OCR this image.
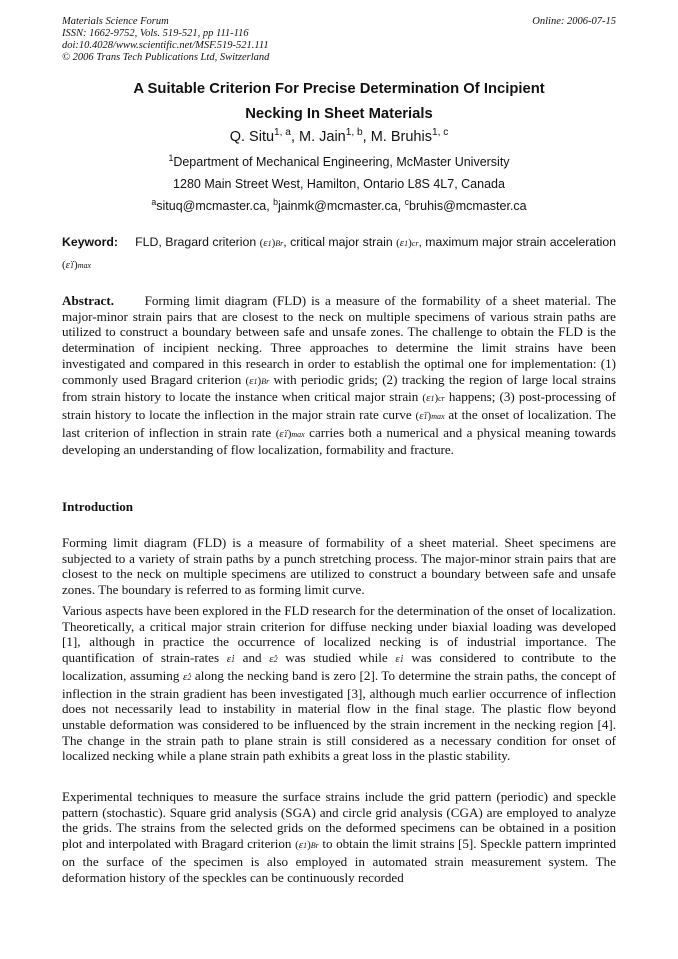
Materials Science Forum
ISSN: 1662-9752, Vols. 519-521, pp 111-116
doi:10.4028/www.scientific.net/MSF.519-521.111
© 2006 Trans Tech Publications Ltd, Switzerland
Online: 2006-07-15
A Suitable Criterion For Precise Determination Of Incipient
Necking In Sheet Materials
Q. Situ$^{1, a}$, M. Jain$^{1, b}$, M. Bruhis$^{1, c}$
$^1$Department of Mechanical Engineering, McMaster University
1280 Main Street West, Hamilton, Ontario L8S 4L7, Canada
$^a$situq@mcmaster.ca, $^b$jainmk@mcmaster.ca, $^c$bruhis@mcmaster.ca
Keyword: FLD, Bragard criterion (ε1)Br, critical major strain (ε1)cr, maximum major strain acceleration (ε̈1)max
Abstract. Forming limit diagram (FLD) is a measure of the formability of a sheet material. The major-minor strain pairs that are closest to the neck on multiple specimens of various strain paths are utilized to construct a boundary between safe and unsafe zones. The challenge to obtain the FLD is the determination of incipient necking. Three approaches to determine the limit strains have been investigated and compared in this research in order to establish the optimal one for implementation: (1) commonly used Bragard criterion (ε1)Br with periodic grids; (2) tracking the region of large local strains from strain history to locate the instance when critical major strain (ε1)cr happens; (3) post-processing of strain history to locate the inflection in the major strain rate curve (ε̈1)max at the onset of localization. The last criterion of inflection in strain rate (ε̈1)max carries both a numerical and a physical meaning towards developing an understanding of flow localization, formability and fracture.
Introduction
Forming limit diagram (FLD) is a measure of formability of a sheet material. Sheet specimens are subjected to a variety of strain paths by a punch stretching process. The major-minor strain pairs that are closest to the neck on multiple specimens are utilized to construct a boundary between safe and unsafe zones. The boundary is referred to as forming limit curve.
Various aspects have been explored in the FLD research for the determination of the onset of localization. Theoretically, a critical major strain criterion for diffuse necking under biaxial loading was developed [1], although in practice the occurrence of localized necking is of industrial importance. The quantification of strain-rates ε̇1 and ε̇2 was studied while ε̇1 was considered to contribute to the localization, assuming ε̇2 along the necking band is zero [2]. To determine the strain paths, the concept of inflection in the strain gradient has been investigated [3], although much earlier occurrence of inflection does not necessarily lead to instability in material flow in the final stage. The plastic flow beyond unstable deformation was considered to be influenced by the strain increment in the necking region [4]. The change in the strain path to plane strain is still considered as a necessary condition for onset of localized necking while a plane strain path exhibits a great loss in the plastic stability.
Experimental techniques to measure the surface strains include the grid pattern (periodic) and speckle pattern (stochastic). Square grid analysis (SGA) and circle grid analysis (CGA) are employed to analyze the grids. The strains from the selected grids on the deformed specimens can be obtained in a position plot and interpolated with Bragard criterion (ε1)Br to obtain the limit strains [5]. Speckle pattern imprinted on the surface of the specimen is also employed in automated strain measurement system. The deformation history of the speckles can be continuously recorded
